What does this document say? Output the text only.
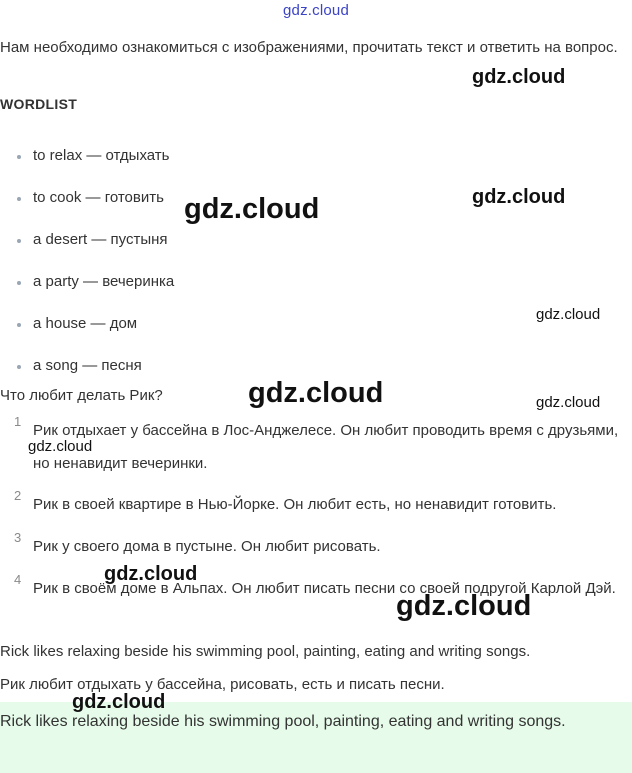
gdz.cloud
Нам необходимо ознакомиться с изображениями, прочитать текст и ответить на вопрос.
WORDLIST
to relax — отдыхать
to cook — готовить
a desert — пустыня
a party — вечеринка
a house — дом
a song — песня
Что любит делать Рик?
1
Рик отдыхает у бассейна в Лос-Анджелесе. Он любит проводить время с друзьями, но ненавидит вечеринки.
2
Рик в своей квартире в Нью-Йорке. Он любит есть, но ненавидит готовить.
3
Рик у своего дома в пустыне. Он любит рисовать.
4
Рик в своём доме в Альпах. Он любит писать песни со своей подругой Карлой Дэй.
Rick likes relaxing beside his swimming pool, painting, eating and writing songs.
Рик любит отдыхать у бассейна, рисовать, есть и писать песни.
Rick likes relaxing beside his swimming pool, painting, eating and writing songs.
gdz.cloud
gdz.cloud
gdz.cloud
gdz.cloud
gdz.cloud	gdz.cloud
gdz.cloud
gdz.cloud
gdz.cloud
gdz.cloud
